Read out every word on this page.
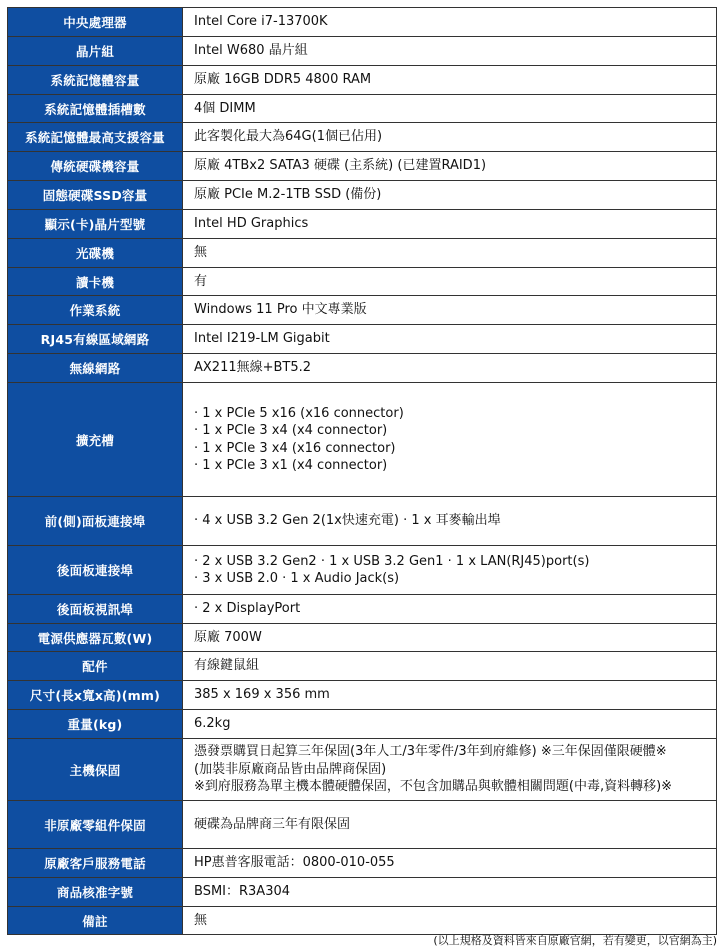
中央處理器	Intel Core i7-13700K

晶片組	Intel W680 晶片組

系統記憶體容量	原廠 16GB DDR5 4800 RAM

系統記憶體插槽數	4個 DIMM

系統記憶體最高支援容量	此客製化最大為64G(1個已佔用)

傳統硬碟機容量	原廠 4TBx2 SATA3 硬碟 (主系統) (已建置RAID1)

固態硬碟SSD容量	原廠 PCIe M.2-1TB SSD (備份)

顯示(卡)晶片型號	Intel HD Graphics

光碟機	無

讀卡機	有

作業系統	Windows 11 Pro 中文專業版

RJ45有線區域網路	Intel I219-LM Gigabit

無線網路	AX211無線+BT5.2

擴充槽	· 1 x PCIe 5 x16 (x16 connector)
· 1 x PCIe 3 x4 (x4 connector)
· 1 x PCIe 3 x4 (x16 connector)
· 1 x PCIe 3 x1 (x4 connector)

前(側)面板連接埠	· 4 x USB 3.2 Gen 2(1x快速充電) · 1 x 耳麥輸出埠

後面板連接埠	· 2 x USB 3.2 Gen2 · 1 x USB 3.2 Gen1 · 1 x LAN(RJ45)port(s)
· 3 x USB 2.0 · 1 x Audio Jack(s)

後面板視訊埠	· 2 x DisplayPort

電源供應器瓦數(W)	原廠 700W

配件	有線鍵鼠組

尺寸(長x寬x高)(mm)	385 x 169 x 356 mm

重量(kg)	6.2kg

主機保固	憑發票購買日起算三年保固(3年人工/3年零件/3年到府維修) ※三年保固僅限硬體※
(加裝非原廠商品皆由品牌商保固)
※到府服務為單主機本體硬體保固，不包含加購品與軟體相關問題(中毒,資料轉移)※

非原廠零組件保固	硬碟為品牌商三年有限保固

原廠客戶服務電話	HP惠普客服電話：0800-010-055

商品核准字號	BSMI：R3A304

備註	無
(以上規格及資料皆來自原廠官網，若有變更，以官網為主)
